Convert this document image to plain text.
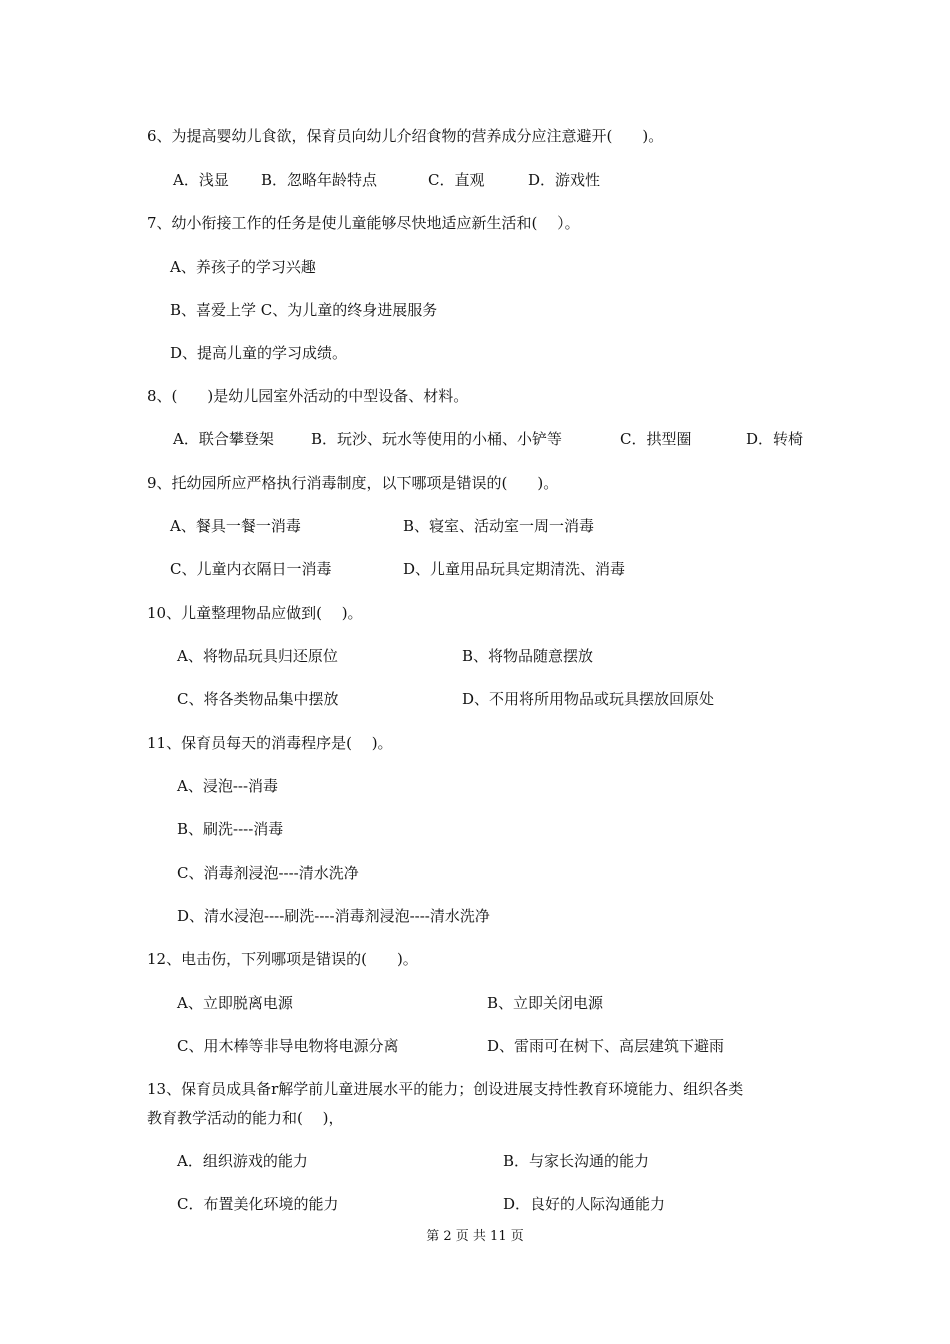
6、为提高婴幼儿食欲，保育员向幼儿介绍食物的营养成分应注意避开(　　)。
A．浅显 B．忽略年龄特点	C．直观	D．游戏性
7、幼小衔接工作的任务是使儿童能够尽快地适应新生活和(　 ）。
A、养孩子的学习兴趣
B、喜爱上学 C、为儿童的终身进展服务
D、提高儿童的学习成绩。
8、(　　)是幼儿园室外活动的中型设备、材料。
A．联合攀登架 B．玩沙、玩水等使用的小桶、小铲等	C．拱型圈	D．转椅
9、托幼园所应严格执行消毒制度，以下哪项是错误的(　　)。
A、餐具一餐一消毒	B、寝室、活动室一周一消毒
C、儿童内衣隔日一消毒	D、儿童用品玩具定期清洗、消毒
10、儿童整理物品应做到(　 )。
A、将物品玩具归还原位	B、将物品随意摆放
C、将各类物品集中摆放	D、不用将所用物品或玩具摆放回原处
11、保育员每天的消毒程序是(　 )。
A、浸泡---消毒
B、刷洗----消毒
C、消毒剂浸泡----清水洗净
D、清水浸泡----刷洗----消毒剂浸泡----清水洗净
12、电击伤，下列哪项是错误的(　　)。
A、立即脱离电源	B、立即关闭电源
C、用木棒等非导电物将电源分离	D、雷雨可在树下、高层建筑下避雨
13、保育员成具备r解学前儿童进展水平的能力；创设进展支持性教育环境能力、组织各类
教育教学活动的能力和(　 )，
A．组织游戏的能力	B．与家长沟通的能力
C．布置美化环境的能力	D．良好的人际沟通能力
第 2 页 共 11 页
